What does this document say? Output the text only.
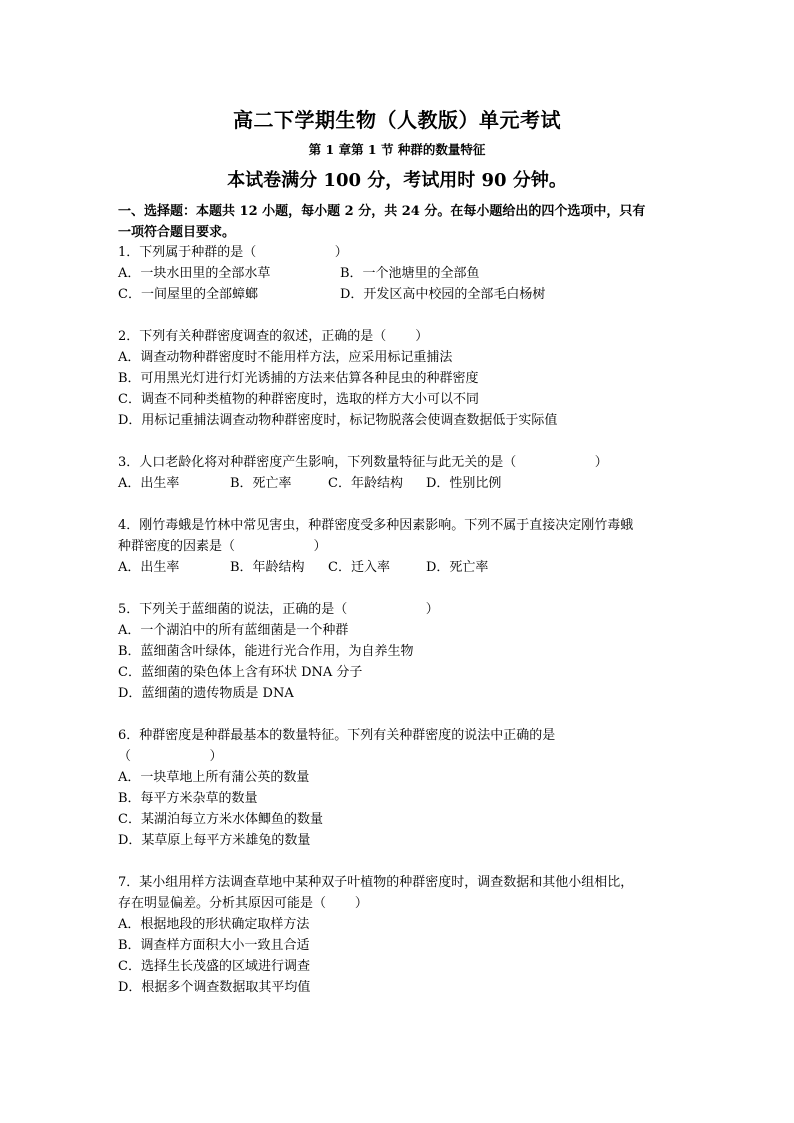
高二下学期生物（人教版）单元考试
第 1 章第 1 节 种群的数量特征
本试卷满分 100 分，考试用时 90 分钟。
一、选择题：本题共 12 小题，每小题 2 分，共 24 分。在每小题给出的四个选项中，只有
一项符合题目要求。
1．下列属于种群的是（                   ）
A．一块水田里的全部水草	B．一个池塘里的全部鱼
C．一间屋里的全部蟑螂	D．开发区高中校园的全部毛白杨树
2．下列有关种群密度调查的叙述，正确的是（       ）
A．调查动物种群密度时不能用样方法，应采用标记重捕法
B．可用黑光灯进行灯光诱捕的方法来估算各种昆虫的种群密度
C．调查不同种类植物的种群密度时，选取的样方大小可以不同
D．用标记重捕法调查动物种群密度时，标记物脱落会使调查数据低于实际值
3．人口老龄化将对种群密度产生影响，下列数量特征与此无关的是（                   ）
A．出生率	B．死亡率	C．年龄结构 D．性别比例
4．刚竹毒蛾是竹林中常见害虫，种群密度受多种因素影响。下列不属于直接决定刚竹毒蛾
种群密度的因素是（                   ）
A．出生率	B．年龄结构 C．迁入率	D．死亡率
5．下列关于蓝细菌的说法，正确的是（                   ）
A．一个湖泊中的所有蓝细菌是一个种群
B．蓝细菌含叶绿体，能进行光合作用，为自养生物
C．蓝细菌的染色体上含有环状 DNA 分子
D．蓝细菌的遗传物质是 DNA
6．种群密度是种群最基本的数量特征。下列有关种群密度的说法中正确的是
（                   ）
A．一块草地上所有蒲公英的数量
B．每平方米杂草的数量
C．某湖泊每立方米水体鲫鱼的数量
D．某草原上每平方米雄兔的数量
7．某小组用样方法调查草地中某种双子叶植物的种群密度时，调查数据和其他小组相比，
存在明显偏差。分析其原因可能是（       ）
A．根据地段的形状确定取样方法
B．调查样方面积大小一致且合适
C．选择生长茂盛的区域进行调查
D．根据多个调查数据取其平均值
